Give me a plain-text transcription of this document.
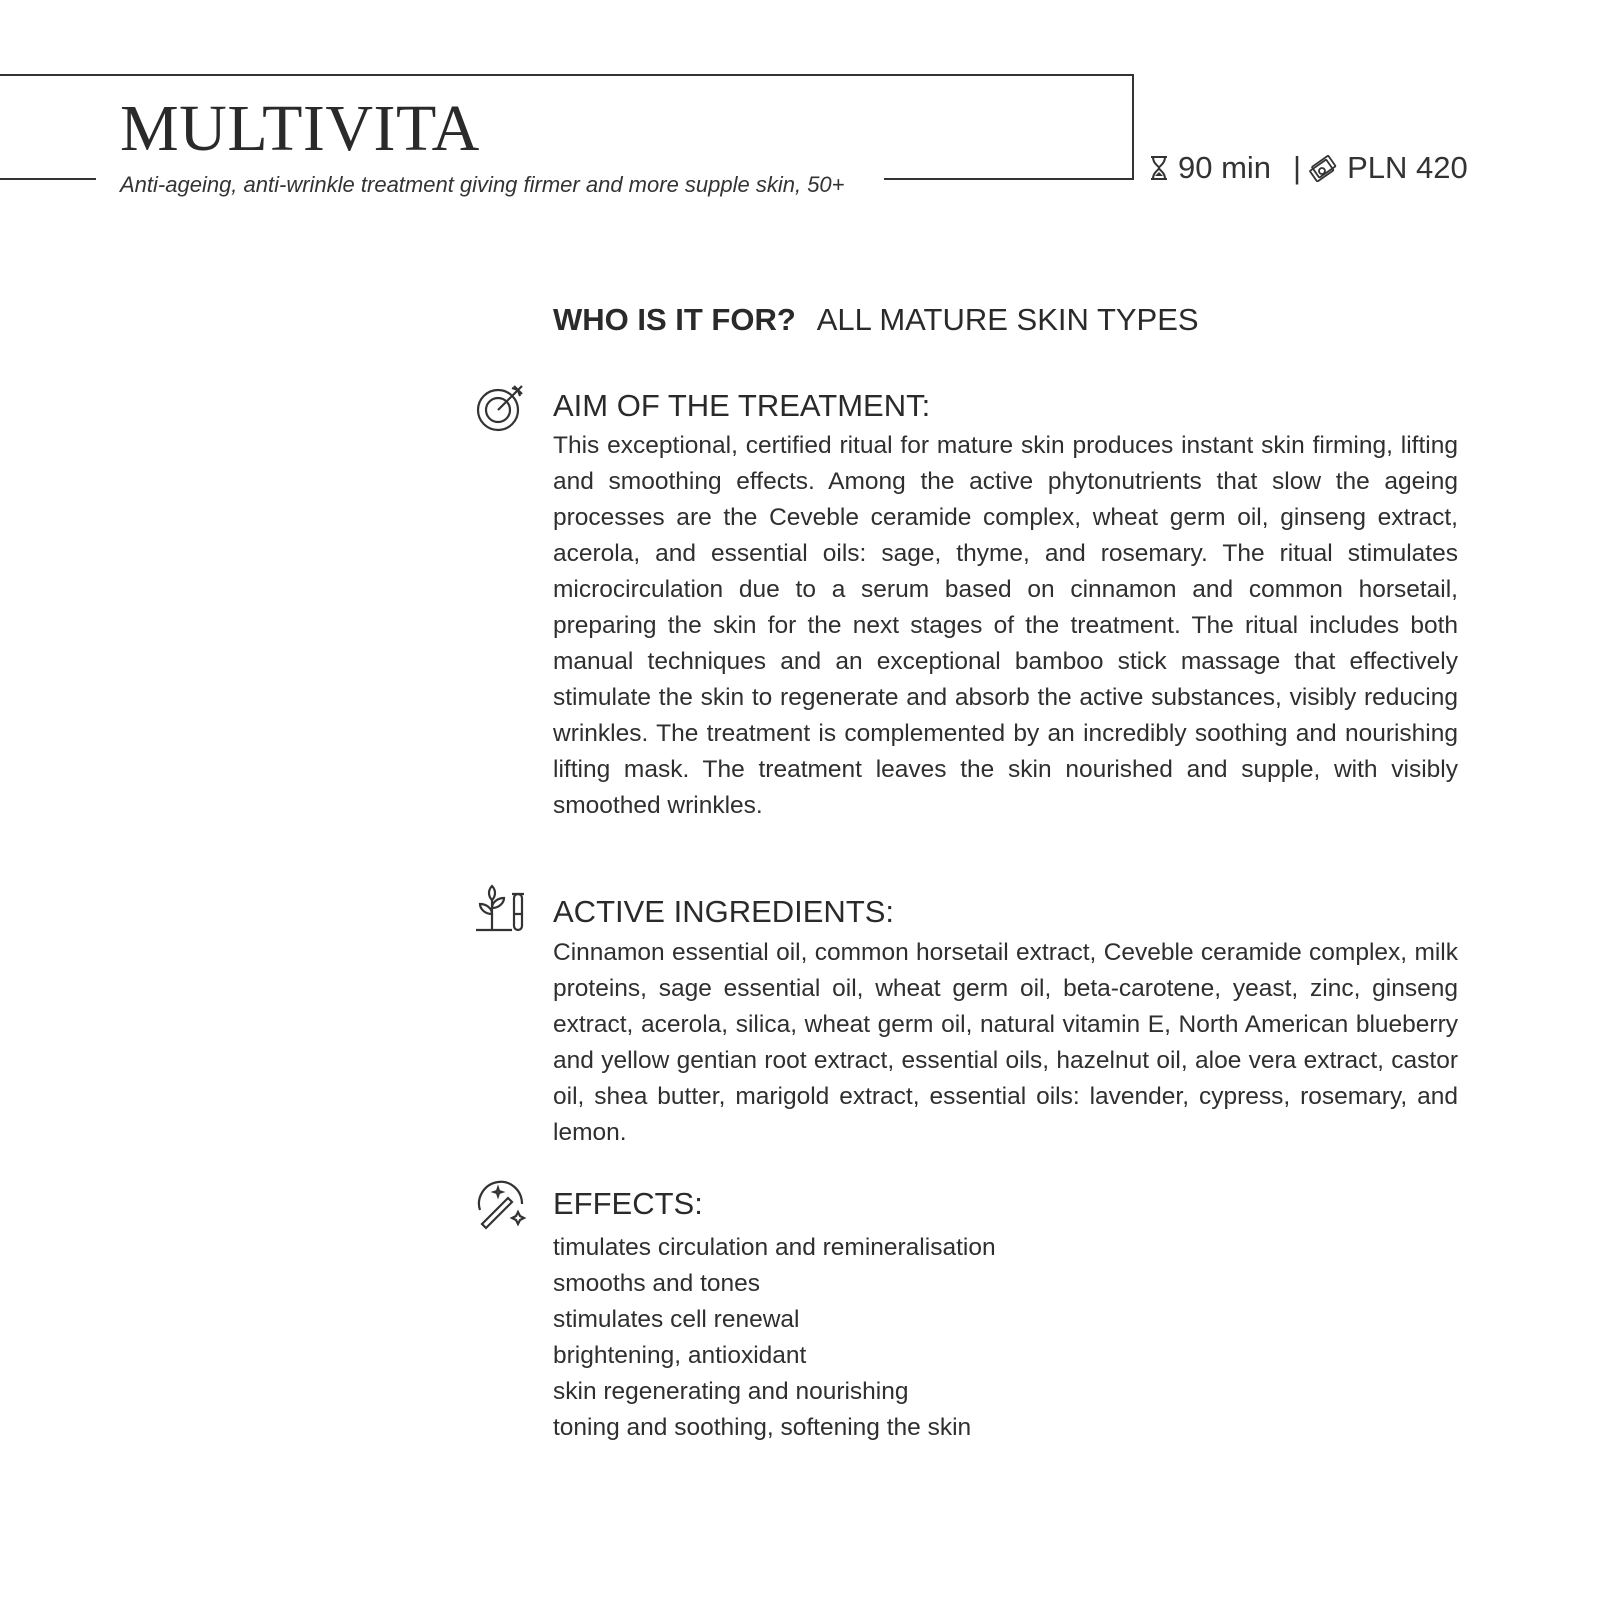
MULTIVITA
Anti-ageing, anti-wrinkle treatment giving firmer and more supple skin, 50+	90 min | PLN 420
WHO IS IT FOR? ALL MATURE SKIN TYPES
AIM OF THE TREATMENT:

This exceptional, certified ritual for mature skin produces instant skin firming, lifting and smoothing effects. Among the active phytonutrients that slow the ageing processes are the Ceveble ceramide complex, wheat germ oil, ginseng extract, acerola, and essential oils: sage, thyme, and rosemary. The ritual stimulates microcirculation due to a serum based on cinnamon and common horsetail, preparing the skin for the next stages of the treatment. The ritual includes both manual techniques and an exceptional bamboo stick massage that effectively stimulate the skin to regenerate and absorb the active substances, visibly reducing wrinkles. The treatment is complemented by an incredibly soothing and nourishing lifting mask. The treatment leaves the skin nourished and supple, with visibly smoothed wrinkles.

ACTIVE INGREDIENTS:

Cinnamon essential oil, common horsetail extract, Ceveble ceramide complex, milk proteins, sage essential oil, wheat germ oil, beta-carotene, yeast, zinc, ginseng extract, acerola, silica, wheat germ oil, natural vitamin E, North American blueberry and yellow gentian root extract, essential oils, hazelnut oil, aloe vera extract, castor oil, shea butter, marigold extract, essential oils: lavender, cypress, rosemary, and lemon.

EFFECTS:
timulates circulation and remineralisation
smooths and tones
stimulates cell renewal
brightening, antioxidant
skin regenerating and nourishing
toning and soothing, softening the skin
